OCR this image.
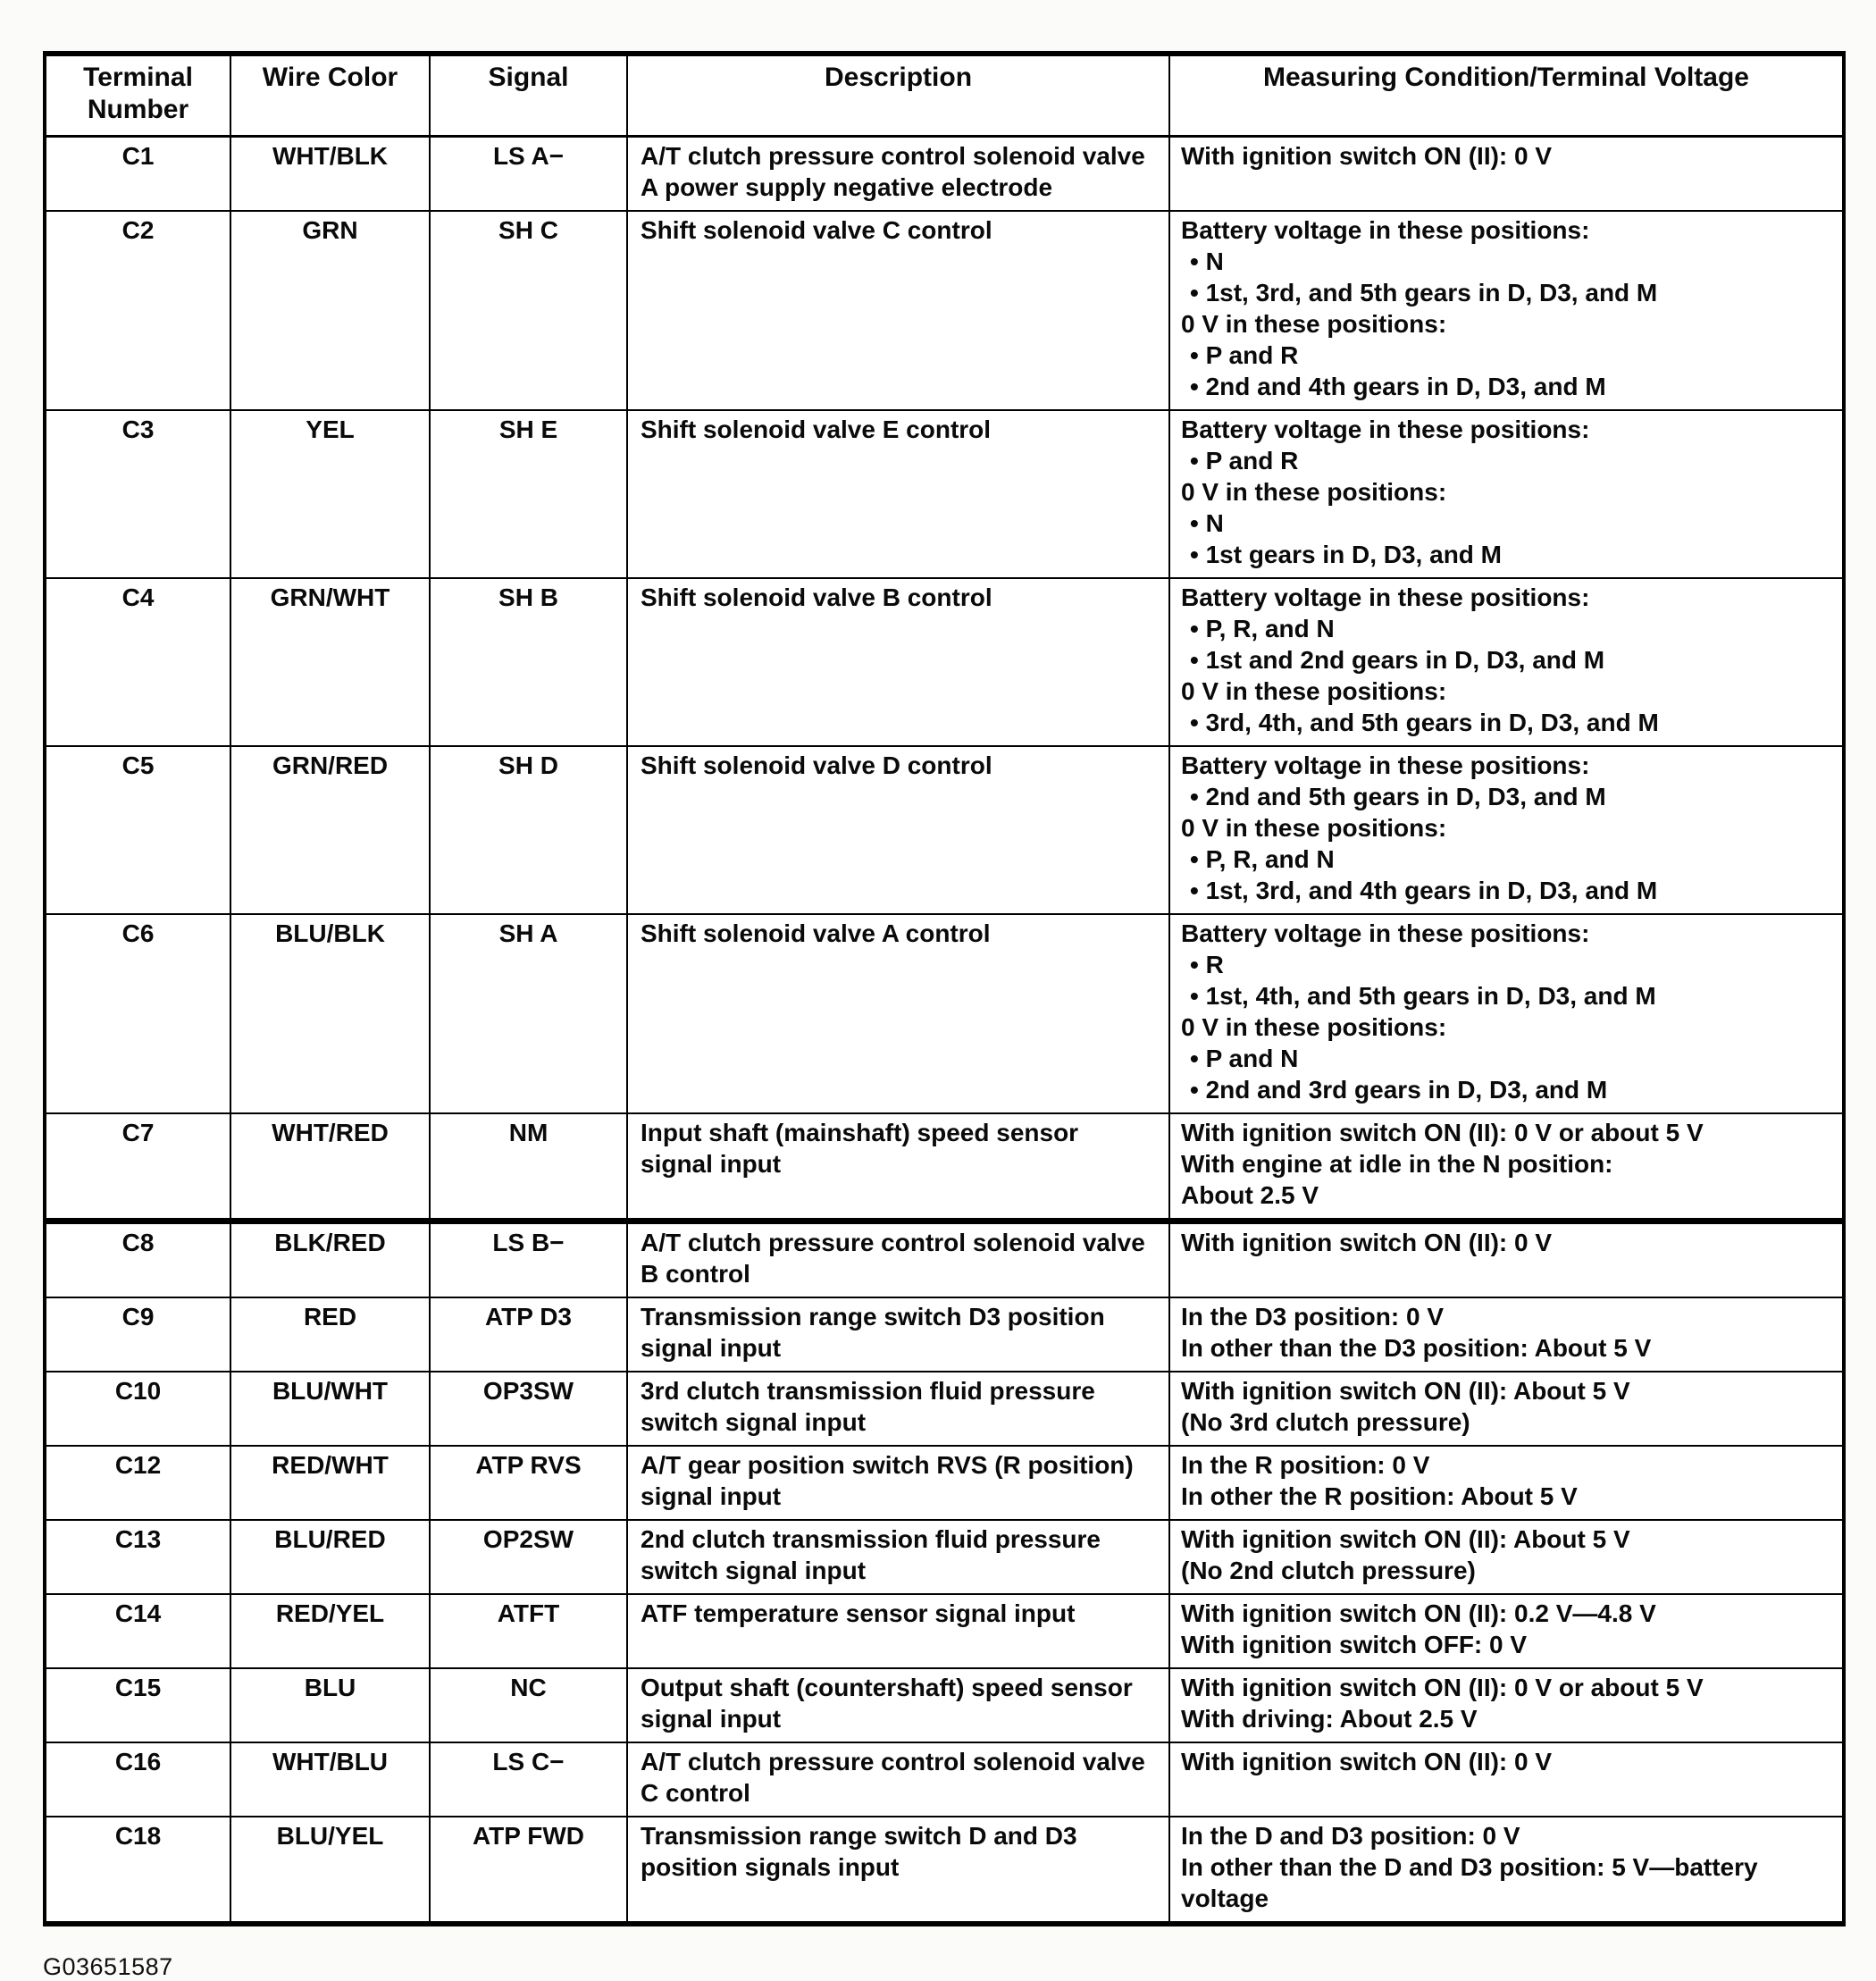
Terminal Number	Wire Color	Signal	Description	Measuring Condition/Terminal Voltage
C1	WHT/BLK	LS A−	A/T clutch pressure control solenoid valve A power supply negative electrode	With ignition switch ON (II): 0 V

C2	GRN	SH C	Shift solenoid valve C control	Battery voltage in these positions:
• N
• 1st, 3rd, and 5th gears in D, D3, and M
0 V in these positions:
• P and R
• 2nd and 4th gears in D, D3, and M

C3	YEL	SH E	Shift solenoid valve E control	Battery voltage in these positions:
• P and R
0 V in these positions:
• N
• 1st gears in D, D3, and M

C4	GRN/WHT	SH B	Shift solenoid valve B control	Battery voltage in these positions:
• P, R, and N
• 1st and 2nd gears in D, D3, and M
0 V in these positions:
• 3rd, 4th, and 5th gears in D, D3, and M

C5	GRN/RED	SH D	Shift solenoid valve D control	Battery voltage in these positions:
• 2nd and 5th gears in D, D3, and M
0 V in these positions:
• P, R, and N
• 1st, 3rd, and 4th gears in D, D3, and M

C6	BLU/BLK	SH A	Shift solenoid valve A control	Battery voltage in these positions:
• R
• 1st, 4th, and 5th gears in D, D3, and M
0 V in these positions:
• P and N
• 2nd and 3rd gears in D, D3, and M

C7	WHT/RED	NM	Input shaft (mainshaft) speed sensor signal input	With ignition switch ON (II): 0 V or about 5 V
With engine at idle in the N position:
About 2.5 V

C8	BLK/RED	LS B−	A/T clutch pressure control solenoid valve B control	With ignition switch ON (II): 0 V

C9	RED	ATP D3	Transmission range switch D3 position signal input	In the D3 position: 0 V
In other than the D3 position: About 5 V

C10	BLU/WHT	OP3SW	3rd clutch transmission fluid pressure switch signal input	With ignition switch ON (II): About 5 V
(No 3rd clutch pressure)

C12	RED/WHT	ATP RVS	A/T gear position switch RVS (R position) signal input	In the R position: 0 V
In other the R position: About 5 V

C13	BLU/RED	OP2SW	2nd clutch transmission fluid pressure switch signal input	With ignition switch ON (II): About 5 V
(No 2nd clutch pressure)

C14	RED/YEL	ATFT	ATF temperature sensor signal input	With ignition switch ON (II): 0.2 V—4.8 V
With ignition switch OFF: 0 V

C15	BLU	NC	Output shaft (countershaft) speed sensor signal input	With ignition switch ON (II): 0 V or about 5 V
With driving: About 2.5 V

C16	WHT/BLU	LS C−	A/T clutch pressure control solenoid valve C control	With ignition switch ON (II): 0 V

C18	BLU/YEL	ATP FWD	Transmission range switch D and D3 position signals input	In the D and D3 position: 0 V
In other than the D and D3 position: 5 V—battery voltage
G03651587
